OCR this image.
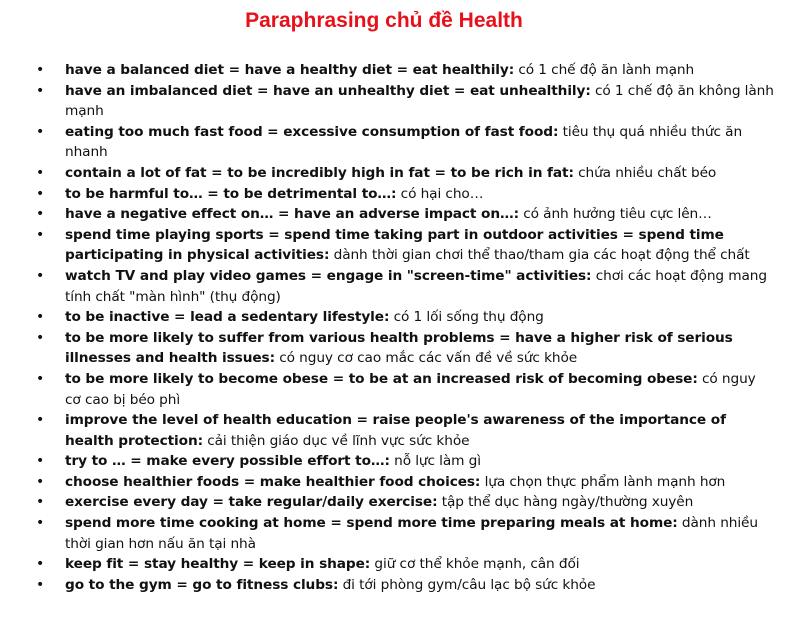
Paraphrasing chủ đề Health
• have a balanced diet = have a healthy diet = eat healthily: có 1 chế độ ăn lành mạnh
• have an imbalanced diet = have an unhealthy diet = eat unhealthily: có 1 chế độ ăn không lành mạnh
• eating too much fast food = excessive consumption of fast food: tiêu thụ quá nhiều thức ăn nhanh
• contain a lot of fat = to be incredibly high in fat = to be rich in fat: chứa nhiều chất béo
• to be harmful to… = to be detrimental to…: có hại cho…
• have a negative effect on… = have an adverse impact on…: có ảnh hưởng tiêu cực lên…
• spend time playing sports = spend time taking part in outdoor activities = spend time participating in physical activities: dành thời gian chơi thể thao/tham gia các hoạt động thể chất
• watch TV and play video games = engage in "screen-time" activities: chơi các hoạt động mang tính chất "màn hình" (thụ động)
• to be inactive = lead a sedentary lifestyle: có 1 lối sống thụ động
• to be more likely to suffer from various health problems = have a higher risk of serious illnesses and health issues: có nguy cơ cao mắc các vấn đề về sức khỏe
• to be more likely to become obese = to be at an increased risk of becoming obese: có nguy cơ cao bị béo phì
• improve the level of health education = raise people's awareness of the importance of health protection: cải thiện giáo dục về lĩnh vực sức khỏe
• try to … = make every possible effort to…: nỗ lực làm gì
• choose healthier foods = make healthier food choices: lựa chọn thực phẩm lành mạnh hơn
• exercise every day = take regular/daily exercise: tập thể dục hàng ngày/thường xuyên
• spend more time cooking at home = spend more time preparing meals at home: dành nhiều thời gian hơn nấu ăn tại nhà
• keep fit = stay healthy = keep in shape: giữ cơ thể khỏe mạnh, cân đối
• go to the gym = go to fitness clubs: đi tới phòng gym/câu lạc bộ sức khỏe
